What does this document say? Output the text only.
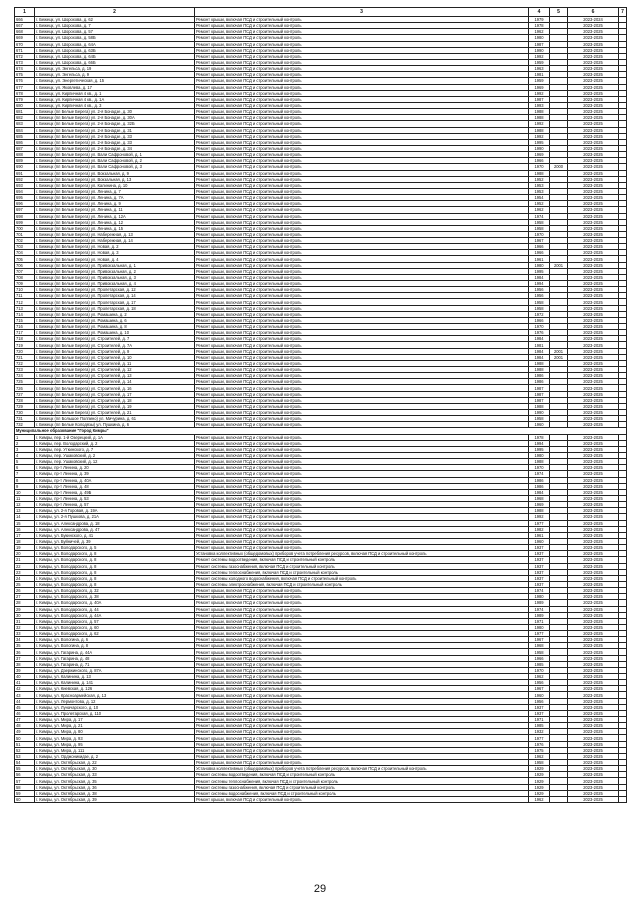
1	2	3	4	5	6	7
666	г. Бежецк, ул. Шорохова, д. 62	Ремонт крыши, включая ПСД и строительный контроль	1979		2023-2024	
667	г. Бежецк, ул. Шорохова, д. 7	Ремонт крыши, включая ПСД и строительный контроль	1978		2023-2025	
668	г. Бежецк, ул. Шорохова, д. 57	Ремонт крыши, включая ПСД и строительный контроль	1962		2023-2025	
669	г. Бежецк, ул. Шорохова, д. 58Б	Ремонт крыши, включая ПСД и строительный контроль	1980		2023-2025	
670	г. Бежецк, ул. Шорохова, д. 64А	Ремонт крыши, включая ПСД и строительный контроль	1987		2023-2025	
671	г. Бежецк, ул. Шорохова, д. 63Б	Ремонт крыши, включая ПСД и строительный контроль	1990		2023-2025	
672	г. Бежецк, ул. Шорохова, д. 64Б	Ремонт крыши, включая ПСД и строительный контроль	1992		2023-2025	
673	г. Бежецк, ул. Шорохова, д. 66Б	Ремонт крыши, включая ПСД и строительный контроль	1959		2023-2025	
674	г. Бежецк, ул. Энгельса, д. 19	Ремонт крыши, включая ПСД и строительный контроль	1963		2023-2025	
675	г. Бежецк, ул. Энгельса, д. 9	Ремонт крыши, включая ПСД и строительный контроль	1981		2023-2025	
676	г. Бежецк, ул. Энергетическая, д. 15	Ремонт крыши, включая ПСД и строительный контроль	1959		2023-2025	
677	г. Бежецк, ул. Яковлева, д. 17	Ремонт крыши, включая ПСД и строительный контроль	1969		2023-2025	
678	г. Бежецк, ул. Кирпичная 4 кв., д. 1	Ремонт крыши, включая ПСД и строительный контроль	1992		2023-2025	
679	г. Бежецк, ул. Кирпичная 4 кв., д. 1А	Ремонт крыши, включая ПСД и строительный контроль	1987		2023-2025	
680	г. Бежецк, ул. Кирпичная 4 кв., д. 3	Ремонт крыши, включая ПСД и строительный контроль	1993		2023-2025	
681	г. Бежецк (пл Белые Берега) ул. 2-я Бонадзе, д. 30	Ремонт крыши, включая ПСД и строительный контроль	1988		2023-2025	
682	г. Бежецк (пл Белые Берега) ул. 2-я Бонадзе, д. 30А	Ремонт крыши, включая ПСД и строительный контроль	1988		2023-2025	
683	г. Бежецк (пл Белые Берега) ул. 2-я Бонадзе, д. 32Б	Ремонт крыши, включая ПСД и строительный контроль	1992		2023-2025	
684	г. Бежецк (пл Белые Берега) ул. 2-я Бонадзе, д. 31	Ремонт крыши, включая ПСД и строительный контроль	1988		2023-2025	
685	г. Бежецк (пл Белые Берега) ул. 2-я Бонадзе, д. 33	Ремонт крыши, включая ПСД и строительный контроль	1992		2023-2025	
686	г. Бежецк (пл Белые Берега) ул. 2-я Бонадзе, д. 33	Ремонт крыши, включая ПСД и строительный контроль	1995		2023-2025	
687	г. Бежецк (пл Белые Берега) ул. 2-я Бонадзе, д. 34	Ремонт крыши, включая ПСД и строительный контроль	1990		2023-2025	
688	г. Бежецк (пл Белые Берега) ул. Вали Сафроновой, д. 1	Ремонт крыши, включая ПСД и строительный контроль	1969		2023-2025	
689	г. Бежецк (пл Белые Берега) ул. Вали Сафроновой, д. 2	Ремонт крыши, включая ПСД и строительный контроль	1966		2023-2025	
690	г. Бежецк (пл Белые Берега) ул. Вали Сафроновой, д. 3	Ремонт крыши, включая ПСД и строительный контроль	1970	2000	2023-2025	
691	г. Бежецк (пл Белые Берега) ул. Вокзальная, д. 9	Ремонт крыши, включая ПСД и строительный контроль	1988		2023-2025	
692	г. Бежецк (пл Белые Берега) ул. Вокзальная, д. 13	Ремонт крыши, включая ПСД и строительный контроль	1952		2023-2025	
693	г. Бежецк (пл Белые Берега) ул. Калинина, д. 10	Ремонт крыши, включая ПСД и строительный контроль	1953		2023-2025	
694	г. Бежецк (пл Белые Берега) ул. Ленина, д. 7	Ремонт крыши, включая ПСД и строительный контроль	1953		2023-2025	
695	г. Бежецк (пл Белые Берега) ул. Ленина, д. 7А	Ремонт крыши, включая ПСД и строительный контроль	1954		2023-2025	
696	г. Бежецк (пл Белые Берега) ул. Ленина, д. 9	Ремонт крыши, включая ПСД и строительный контроль	1952		2023-2025	
697	г. Бежецк (пл Белые Берега) ул. Ленина, д. 11	Ремонт крыши, включая ПСД и строительный контроль	1962		2023-2025	
698	г. Бежецк (пл Белые Берега) ул. Ленина, д. 12А	Ремонт крыши, включая ПСД и строительный контроль	1974		2023-2025	
699	г. Бежецк (пл Белые Берега) ул. Ленина, д. 12	Ремонт крыши, включая ПСД и строительный контроль	1958		2023-2025	
700	г. Бежецк (пл Белые Берега) ул. Ленина, д. 15	Ремонт крыши, включая ПСД и строительный контроль	1958		2023-2025	
701	г. Бежецк (пл Белые Берега) ул. Набережная, д. 13	Ремонт крыши, включая ПСД и строительный контроль	1970		2023-2025	
702	г. Бежецк (пл Белые Берега) ул. Набережная, д. 14	Ремонт крыши, включая ПСД и строительный контроль	1967		2023-2025	
703	г. Бежецк (пл Белые Берега) ул. Новая, д. 2	Ремонт крыши, включая ПСД и строительный контроль	1966		2023-2025	
704	г. Бежецк (пл Белые Берега) ул. Новая, д. 3	Ремонт крыши, включая ПСД и строительный контроль	1966		2023-2025	
705	г. Бежецк (пл Белые Берега) ул. Новая, д. 4	Ремонт крыши, включая ПСД и строительный контроль	1961		2023-2025	
706	г. Бежецк (пл Белые Берега) ул. Привокзальная, д. 1	Ремонт крыши, включая ПСД и строительный контроль	1980	2001	2023-2025	
707	г. Бежецк (пл Белые Берега) ул. Привокзальная, д. 2	Ремонт крыши, включая ПСД и строительный контроль	1995		2023-2025	
708	г. Бежецк (пл Белые Берега) ул. Привокзальная, д. 3	Ремонт крыши, включая ПСД и строительный контроль	1984		2023-2025	
709	г. Бежецк (пл Белые Берега) ул. Привокзальная, д. 4	Ремонт крыши, включая ПСД и строительный контроль	1994		2023-2025	
710	г. Бежецк (пл Белые Берега) ул. Пролетарская, д. 12	Ремонт крыши, включая ПСД и строительный контроль	1956		2023-2025	
711	г. Бежецк (пл Белые Берега) ул. Пролетарская, д. 14	Ремонт крыши, включая ПСД и строительный контроль	1956		2023-2025	
712	г. Бежецк (пл Белые Берега) ул. Пролетарская, д. 17	Ремонт крыши, включая ПСД и строительный контроль	1958		2023-2025	
713	г. Бежецк (пл Белые Берега) ул. Пролетарская, д. 18	Ремонт крыши, включая ПСД и строительный контроль	1958		2023-2025	
714	г. Бежецк (пл Белые Берега) ул. Ромашина, д. 2	Ремонт крыши, включая ПСД и строительный контроль	1972		2023-2025	
715	г. Бежецк (пл Белые Берега) ул. Ромашина, д. 6	Ремонт крыши, включая ПСД и строительный контроль	1966		2023-2025	
716	г. Бежецк (пл Белые Берега) ул. Ромашина, д. 8	Ремонт крыши, включая ПСД и строительный контроль	1970		2023-2025	
717	г. Бежецк (пл Белые Берега) ул. Ромашина, д. 10	Ремонт крыши, включая ПСД и строительный контроль	1976		2023-2025	
718	г. Бежецк (пл Белые Берега) ул. Строителей, д. 7	Ремонт крыши, включая ПСД и строительный контроль	1984		2023-2025	
719	г. Бежецк (пл Белые Берега) ул. Строителей, д. 7А	Ремонт крыши, включая ПСД и строительный контроль	1981		2023-2025	
720	г. Бежецк (пл Белые Берега) ул. Строителей, д. 9	Ремонт крыши, включая ПСД и строительный контроль	1984	2001	2023-2025	
721	г. Бежецк (пл Белые Берега) ул. Строителей, д. 10	Ремонт крыши, включая ПСД и строительный контроль	1984	2001	2023-2025	
722	г. Бежецк (пл Белые Берега) ул. Строителей, д. 11	Ремонт крыши, включая ПСД и строительный контроль	1988		2023-2025	
723	г. Бежецк (пл Белые Берега) ул. Строителей, д. 12	Ремонт крыши, включая ПСД и строительный контроль	1988		2023-2025	
724	г. Бежецк (пл Белые Берега) ул. Строителей, д. 13	Ремонт крыши, включая ПСД и строительный контроль	1986		2023-2025	
725	г. Бежецк (пл Белые Берега) ул. Строителей, д. 14	Ремонт крыши, включая ПСД и строительный контроль	1986		2023-2025	
726	г. Бежецк (пл Белые Берега) ул. Строителей, д. 16	Ремонт крыши, включая ПСД и строительный контроль	1987		2023-2025	
727	г. Бежецк (пл Белые Берега) ул. Строителей, д. 17	Ремонт крыши, включая ПСД и строительный контроль	1987		2023-2025	
728	г. Бежецк (пл Белые Берега) ул. Строителей, д. 18	Ремонт крыши, включая ПСД и строительный контроль	1987		2023-2025	
729	г. Бежецк (пл Белые Берега) ул. Строителей, д. 19	Ремонт крыши, включая ПСД и строительный контроль	1988		2023-2025	
730	г. Бежецк (пл Белые Берега) ул. Строителей, д. 21	Ремонт крыши, включая ПСД и строительный контроль	1990		2023-2025	
731	г. Бежецк (пл Большое Полпино) ул. Мичурина, д. 61	Ремонт крыши, включая ПСД и строительный контроль	1958		2023-2025	
732	г. Бежецк (пл Белые Колодязы) ул. Пушкина, д. 6	Ремонт крыши, включая ПСД и строительный контроль	1960		2023-2025	
Муниципальное образование "Город Кимры"						
1	г. Кимры, пер. 1-й Озерецкий, д. 1А	Ремонт крыши, включая ПСД и строительный контроль	1978		2023-2025	
2	г. Кимры, пер. Володарский, д. 2	Ремонт крыши, включая ПСД и строительный контроль	1994		2023-2025	
3	г. Кимры, пер. Уткинского, д. 7	Ремонт крыши, включая ПСД и строительный контроль	1995		2023-2025	
4	г. Кимры, пер. Ушаковский, д. 2	Ремонт крыши, включая ПСД и строительный контроль	1980		2023-2025	
5	г. Кимры, пер. Ушаковский, д. 12	Ремонт крыши, включая ПСД и строительный контроль	1988		2023-2025	
6	г. Кимры, пр-т Ленина, д. 20	Ремонт крыши, включая ПСД и строительный контроль	1970		2023-2025	
7	г. Кимры, пр-т Ленина, д. 39	Ремонт крыши, включая ПСД и строительный контроль	1974		2023-2025	
8	г. Кимры, пр-т Ленина, д. 40А	Ремонт крыши, включая ПСД и строительный контроль	1986		2023-2025	
9	г. Кимры, пр-т Ленина, д. 48	Ремонт крыши, включая ПСД и строительный контроль	1986		2023-2025	
10	г. Кимры, пр-т Ленина, д. 49Б	Ремонт крыши, включая ПСД и строительный контроль	1984		2023-2025	
11	г. Кимры, пр-т Ленина, д. 53	Ремонт крыши, включая ПСД и строительный контроль	1968		2023-2025	
12	г. Кимры, пр-т Ленина, д. 57	Ремонт крыши, включая ПСД и строительный контроль	1969		2023-2025	
13	г. Кимры, ул. 2-я Горовая, д. 19А	Ремонт крыши, включая ПСД и строительный контроль	1988		2023-2025	
14	г. Кимры, ул. 2-я Пушкова, д. 21А	Ремонт крыши, включая ПСД и строительный контроль	1992		2023-2025	
15	г. Кимры, ул. Александрова, д. 18	Ремонт крыши, включая ПСД и строительный контроль	1977		2023-2025	
16	г. Кимры, ул. Александрова, д. 47	Ремонт крыши, включая ПСД и строительный контроль	1982		2023-2025	
17	г. Кимры, ул. Букинского, д. 41	Ремонт крыши, включая ПСД и строительный контроль	1961		2023-2025	
18	г. Кимры, ул. Буйничей, д. 39	Ремонт крыши, включая ПСД и строительный контроль	1960		2023-2025	
19	г. Кимры, ул. Володарского, д. 5	Ремонт крыши, включая ПСД и строительный контроль	1937		2023-2025	
20	г. Кимры, ул. Володарского, д. 8	Установка коллективных (общедомовых) приборов учета потребления ресурсов, включая ПСД и строительный контроль	1937		2023-2025	
21	г. Кимры, ул. Володарского, д. 8	Ремонт системы водоотведения, включая ПСД и строительный контроль	1937		2023-2025	
22	г. Кимры, ул. Володарского, д. 8	Ремонт системы газоснабжения, включая ПСД и строительный контроль	1937		2023-2025	
23	г. Кимры, ул. Володарского, д. 8	Ремонт системы теплоснабжения, включая ПСД и строительный контроль	1937		2023-2025	
24	г. Кимры, ул. Володарского, д. 8	Ремонт системы холодного водоснабжения, включая ПСД и строительный контроль	1937		2023-2025	
25	г. Кимры, ул. Володарского, д. 8	Ремонт системы электроснабжения, включая ПСД и строительный контроль	1937		2023-2025	
26	г. Кимры, ул. Володарского, д. 32	Ремонт крыши, включая ПСД и строительный контроль	1974		2023-2025	
27	г. Кимры, ул. Володарского, д. 38	Ремонт крыши, включая ПСД и строительный контроль	1980		2023-2025	
28	г. Кимры, ул. Володарского, д. 40А	Ремонт крыши, включая ПСД и строительный контроль	1989		2023-2025	
29	г. Кимры, ул. Володарского, д. 44	Ремонт крыши, включая ПСД и строительный контроль	1974		2023-2025	
30	г. Кимры, ул. Володарского, д. 44А	Ремонт крыши, включая ПСД и строительный контроль	1989		2023-2025	
31	г. Кимры, ул. Володарского, д. 57	Ремонт крыши, включая ПСД и строительный контроль	1971		2023-2025	
32	г. Кимры, ул. Володарского, д. 60	Ремонт крыши, включая ПСД и строительный контроль	1980		2023-2025	
33	г. Кимры, ул. Володарского, д. 62	Ремонт крыши, включая ПСД и строительный контроль	1977		2023-2025	
34	г. Кимры, ул. Вологина, д. 6	Ремонт крыши, включая ПСД и строительный контроль	1967		2023-2025	
35	г. Кимры, ул. Вологина, д. 8	Ремонт крыши, включая ПСД и строительный контроль	1968		2023-2025	
36	г. Кимры, ул. Гагарина, д. 44А	Ремонт крыши, включая ПСД и строительный контроль	1958		2023-2025	
37	г. Кимры, ул. Гагарина, д. 48	Ремонт крыши, включая ПСД и строительный контроль	1966		2023-2025	
38	г. Кимры, ул. Гагарина, д. 71	Ремонт крыши, включая ПСД и строительный контроль	1985		2023-2025	
39	г. Кимры, ул. Дзержинского, д. 87А	Ремонт крыши, включая ПСД и строительный контроль	1970		2023-2025	
40	г. Кимры, ул. Калинина, д. 13	Ремонт крыши, включая ПСД и строительный контроль	1962		2023-2025	
41	г. Кимры, ул. Калинина, д. 141	Ремонт крыши, включая ПСД и строительный контроль	1956		2023-2025	
42	г. Кимры, ул. Киевская, д. 126	Ремонт крыши, включая ПСД и строительный контроль	1967		2023-2025	
43	г. Кимры, ул. Красноармейская, д. 13	Ремонт крыши, включая ПСД и строительный контроль	1960		2023-2025	
44	г. Кимры, ул. Лермонтова, д. 12	Ремонт крыши, включая ПСД и строительный контроль	1956		2023-2025	
45	г. Кимры, ул. Луначарского, д. 10	Ремонт крыши, включая ПСД и строительный контроль	1937		2023-2025	
46	г. Кимры, ул. Пролетарская, д. 110	Ремонт крыши, включая ПСД и строительный контроль	1937		2023-2025	
47	г. Кимры, ул. Мира, д. 17	Ремонт крыши, включая ПСД и строительный контроль	1971		2023-2025	
48	г. Кимры, ул. Мира, д. 21	Ремонт крыши, включая ПСД и строительный контроль	1985		2023-2025	
49	г. Кимры, ул. Мира, д. 80	Ремонт крыши, включая ПСД и строительный контроль	1932		2023-2025	
50	г. Кимры, ул. Мира, д. 93	Ремонт крыши, включая ПСД и строительный контроль	1977		2023-2025	
51	г. Кимры, ул. Мира, д. 95	Ремонт крыши, включая ПСД и строительный контроль	1976		2023-2025	
52	г. Кимры, ул. Мира, д. 111	Ремонт крыши, включая ПСД и строительный контроль	1975		2023-2025	
53	г. Кимры, ул. Орджоникидзе, д. 2	Ремонт крыши, включая ПСД и строительный контроль	1962		2023-2025	
54	г. Кимры, ул. Октябрьская, д. 22	Ремонт крыши, включая ПСД и строительный контроль	1958		2023-2025	
55	г. Кимры, ул. Октябрьская, д. 30	Установка коллективных (общедомовых) приборов учета потребления ресурсов, включая ПСД и строительный контроль	1929		2023-2025	
56	г. Кимры, ул. Октябрьская, д. 33	Ремонт системы водоотведения, включая ПСД и строительный контроль	1929		2023-2025	
57	г. Кимры, ул. Октябрьская, д. 35	Ремонт системы теплоснабжения, включая ПСД и строительный контроль	1929		2023-2025	
58	г. Кимры, ул. Октябрьская, д. 36	Ремонт системы газоснабжения, включая ПСД и строительный контроль	1929		2023-2025	
59	г. Кимры, ул. Октябрьская, д. 38	Ремонт системы водоснабжения, включая ПСД и строительный контроль	1929		2023-2025	
60	г. Кимры, ул. Октябрьская, д. 39	Ремонт крыши, включая ПСД и строительный контроль	1962		2023-2025	
29
